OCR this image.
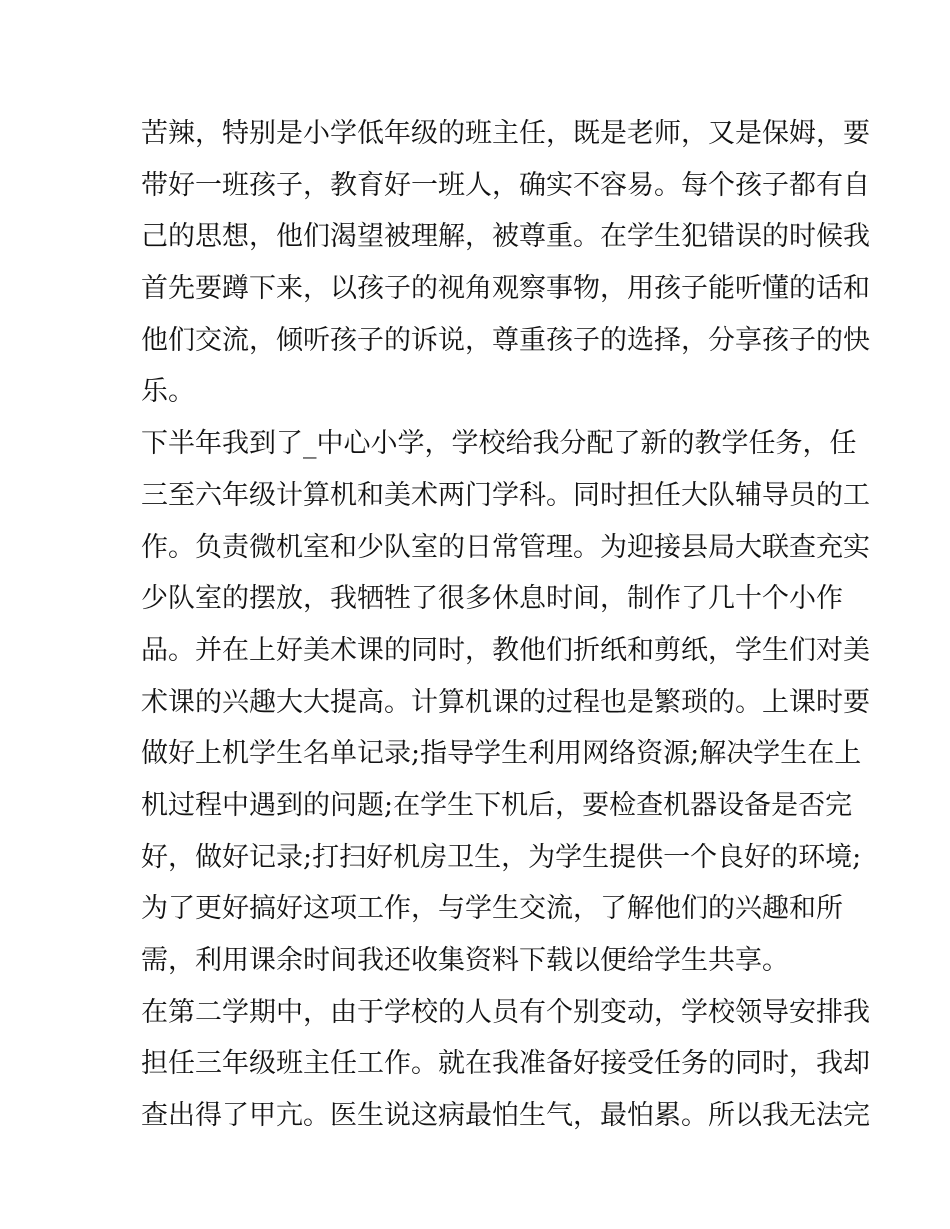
苦辣，特别是小学低年级的班主任，既是老师，又是保姆，要
带好一班孩子，教育好一班人，确实不容易。每个孩子都有自
己的思想，他们渴望被理解，被尊重。在学生犯错误的时候我
首先要蹲下来，以孩子的视角观察事物，用孩子能听懂的话和
他们交流，倾听孩子的诉说，尊重孩子的选择，分享孩子的快
乐。
下半年我到了_中心小学，学校给我分配了新的教学任务，任
三至六年级计算机和美术两门学科。同时担任大队辅导员的工
作。负责微机室和少队室的日常管理。为迎接县局大联查充实
少队室的摆放，我牺牲了很多休息时间，制作了几十个小作
品。并在上好美术课的同时，教他们折纸和剪纸，学生们对美
术课的兴趣大大提高。计算机课的过程也是繁琐的。上课时要
做好上机学生名单记录;指导学生利用网络资源;解决学生在上
机过程中遇到的问题;在学生下机后，要检查机器设备是否完
好，做好记录;打扫好机房卫生，为学生提供一个良好的环境;
为了更好搞好这项工作，与学生交流，了解他们的兴趣和所
需，利用课余时间我还收集资料下载以便给学生共享。
在第二学期中，由于学校的人员有个别变动，学校领导安排我
担任三年级班主任工作。就在我准备好接受任务的同时，我却
查出得了甲亢。医生说这病最怕生气，最怕累。所以我无法完
